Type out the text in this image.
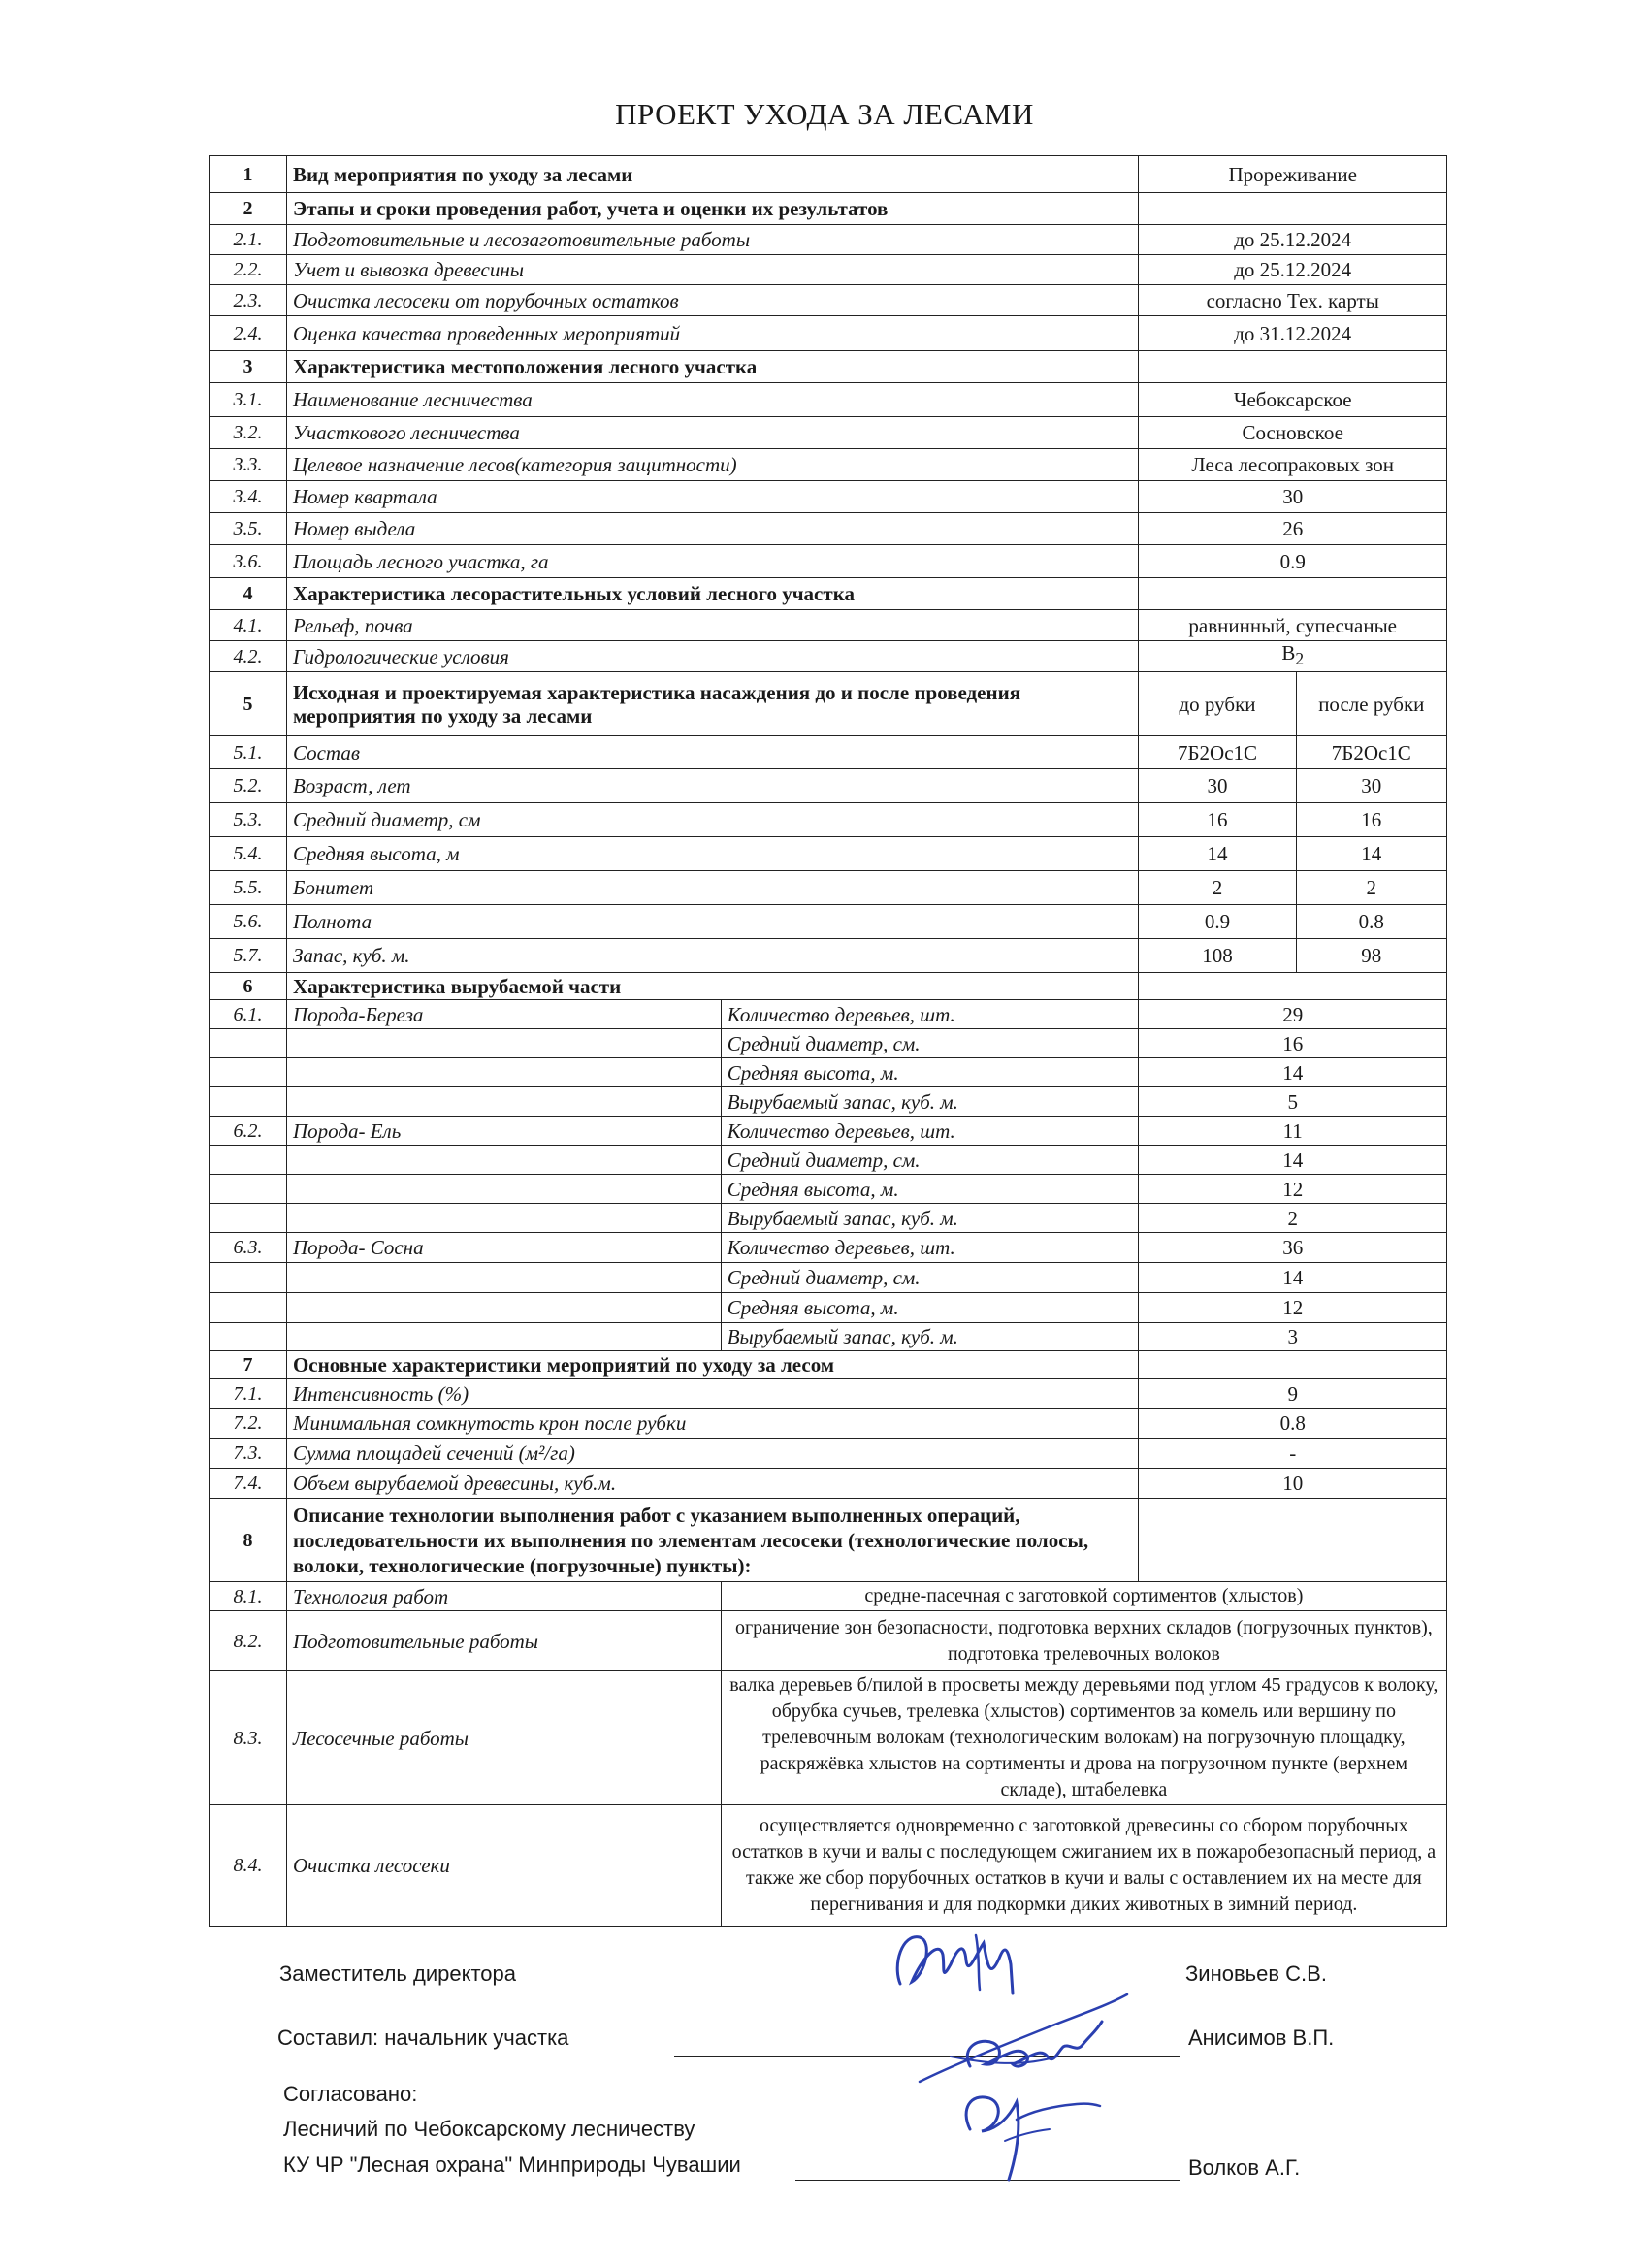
ПРОЕКТ УХОДА ЗА ЛЕСАМИ
1	Вид мероприятия по уходу за лесами		Прореживание	
2	Этапы и сроки проведения работ, учета и оценки их результатов			
2.1.	Подготовительные и лесозаготовительные работы		до 25.12.2024	
2.2.	Учет и вывозка древесины		до 25.12.2024	
2.3.	Очистка лесосеки от порубочных остатков		согласно Тех. карты	
2.4.	Оценка качества проведенных мероприятий		до 31.12.2024	
3	Характеристика местоположения лесного участка			
3.1.	Наименование лесничества		Чебоксарское	
3.2.	Участкового лесничества		Сосновское	
3.3.	Целевое назначение лесов(категория защитности)		Леса лесопраковых зон	
3.4.	Номер квартала		30	
3.5.	Номер выдела		26	
3.6.	Площадь лесного участка, га		0.9	
4	Характеристика лесорастительных условий лесного участка			
4.1.	Рельеф, почва		равнинный, супесчаные	
4.2.	Гидрологические условия		$В_2$
5	Исходная и проектируемая характеристика насаждения до и после проведения мероприятия по уходу за лесами		до рубки	после рубки
5.1.	Состав		7Б2Ос1С	7Б2Ос1С
5.2.	Возраст, лет		30	30
5.3.	Средний диаметр, см		16	16
5.4.	Средняя высота, м		14	14
5.5.	Бонитет		2	2
5.6.	Полнота		0.9	0.8
5.7.	Запас, куб. м.		108	98
6	Характеристика вырубаемой части			
6.1.	Порода-Береза	Количество деревьев, шт.	29	
		Средний диаметр, см.	16	
		Средняя высота, м.	14	
		Вырубаемый запас, куб. м.	5	
6.2.	Порода- Ель	Количество деревьев, шт.	11	
		Средний диаметр, см.	14	
		Средняя высота, м.	12	
		Вырубаемый запас, куб. м.	2	
6.3.	Порода- Сосна	Количество деревьев, шт.	36	
		Средний диаметр, см.	14	
		Средняя высота, м.	12	
		Вырубаемый запас, куб. м.	3	
7	Основные характеристики мероприятий по уходу за лесом			
7.1.	Интенсивность (%)		9	
7.2.	Минимальная сомкнутость крон после рубки		0.8	
7.3.	Сумма площадей сечений (м²/га)		-	
7.4.	Объем вырубаемой древесины, куб.м.		10	
8	Описание технологии выполнения работ с указанием выполненных операций, последовательности их выполнения по элементам лесосеки (технологические полосы, волоки, технологические (погрузочные) пункты):			
8.1.	Технология работ	средне-пасечная с заготовкой сортиментов (хлыстов)		
8.2.	Подготовительные работы	ограничение зон безопасности, подготовка верхних складов (погрузочных пунктов), подготовка трелевочных волоков		
8.3.	Лесосечные работы	валка деревьев б/пилой в просветы между деревьями под углом 45 градусов к волоку, обрубка сучьев, трелевка (хлыстов) сортиментов за комель или вершину по трелевочным волокам (технологическим волокам) на погрузочную площадку, раскряжёвка хлыстов на сортименты и дрова на погрузочном пункте (верхнем складе), штабелевка		
8.4.	Очистка лесосеки	осуществляется одновременно с заготовкой древесины со сбором порубочных остатков в кучи и валы с последующем сжиганием их в пожаробезопасный период, а также же сбор порубочных остатков в кучи и валы с оставлением их на месте для перегнивания и для подкормки диких животных в зимний период.		
Заместитель директора	Зиновьев С.В.
Составил: начальник участка	Анисимов В.П.
Согласовано:
Лесничий по Чебоксарскому лесничеству
КУ ЧР "Лесная охрана" Минприроды Чувашии	Волков А.Г.
